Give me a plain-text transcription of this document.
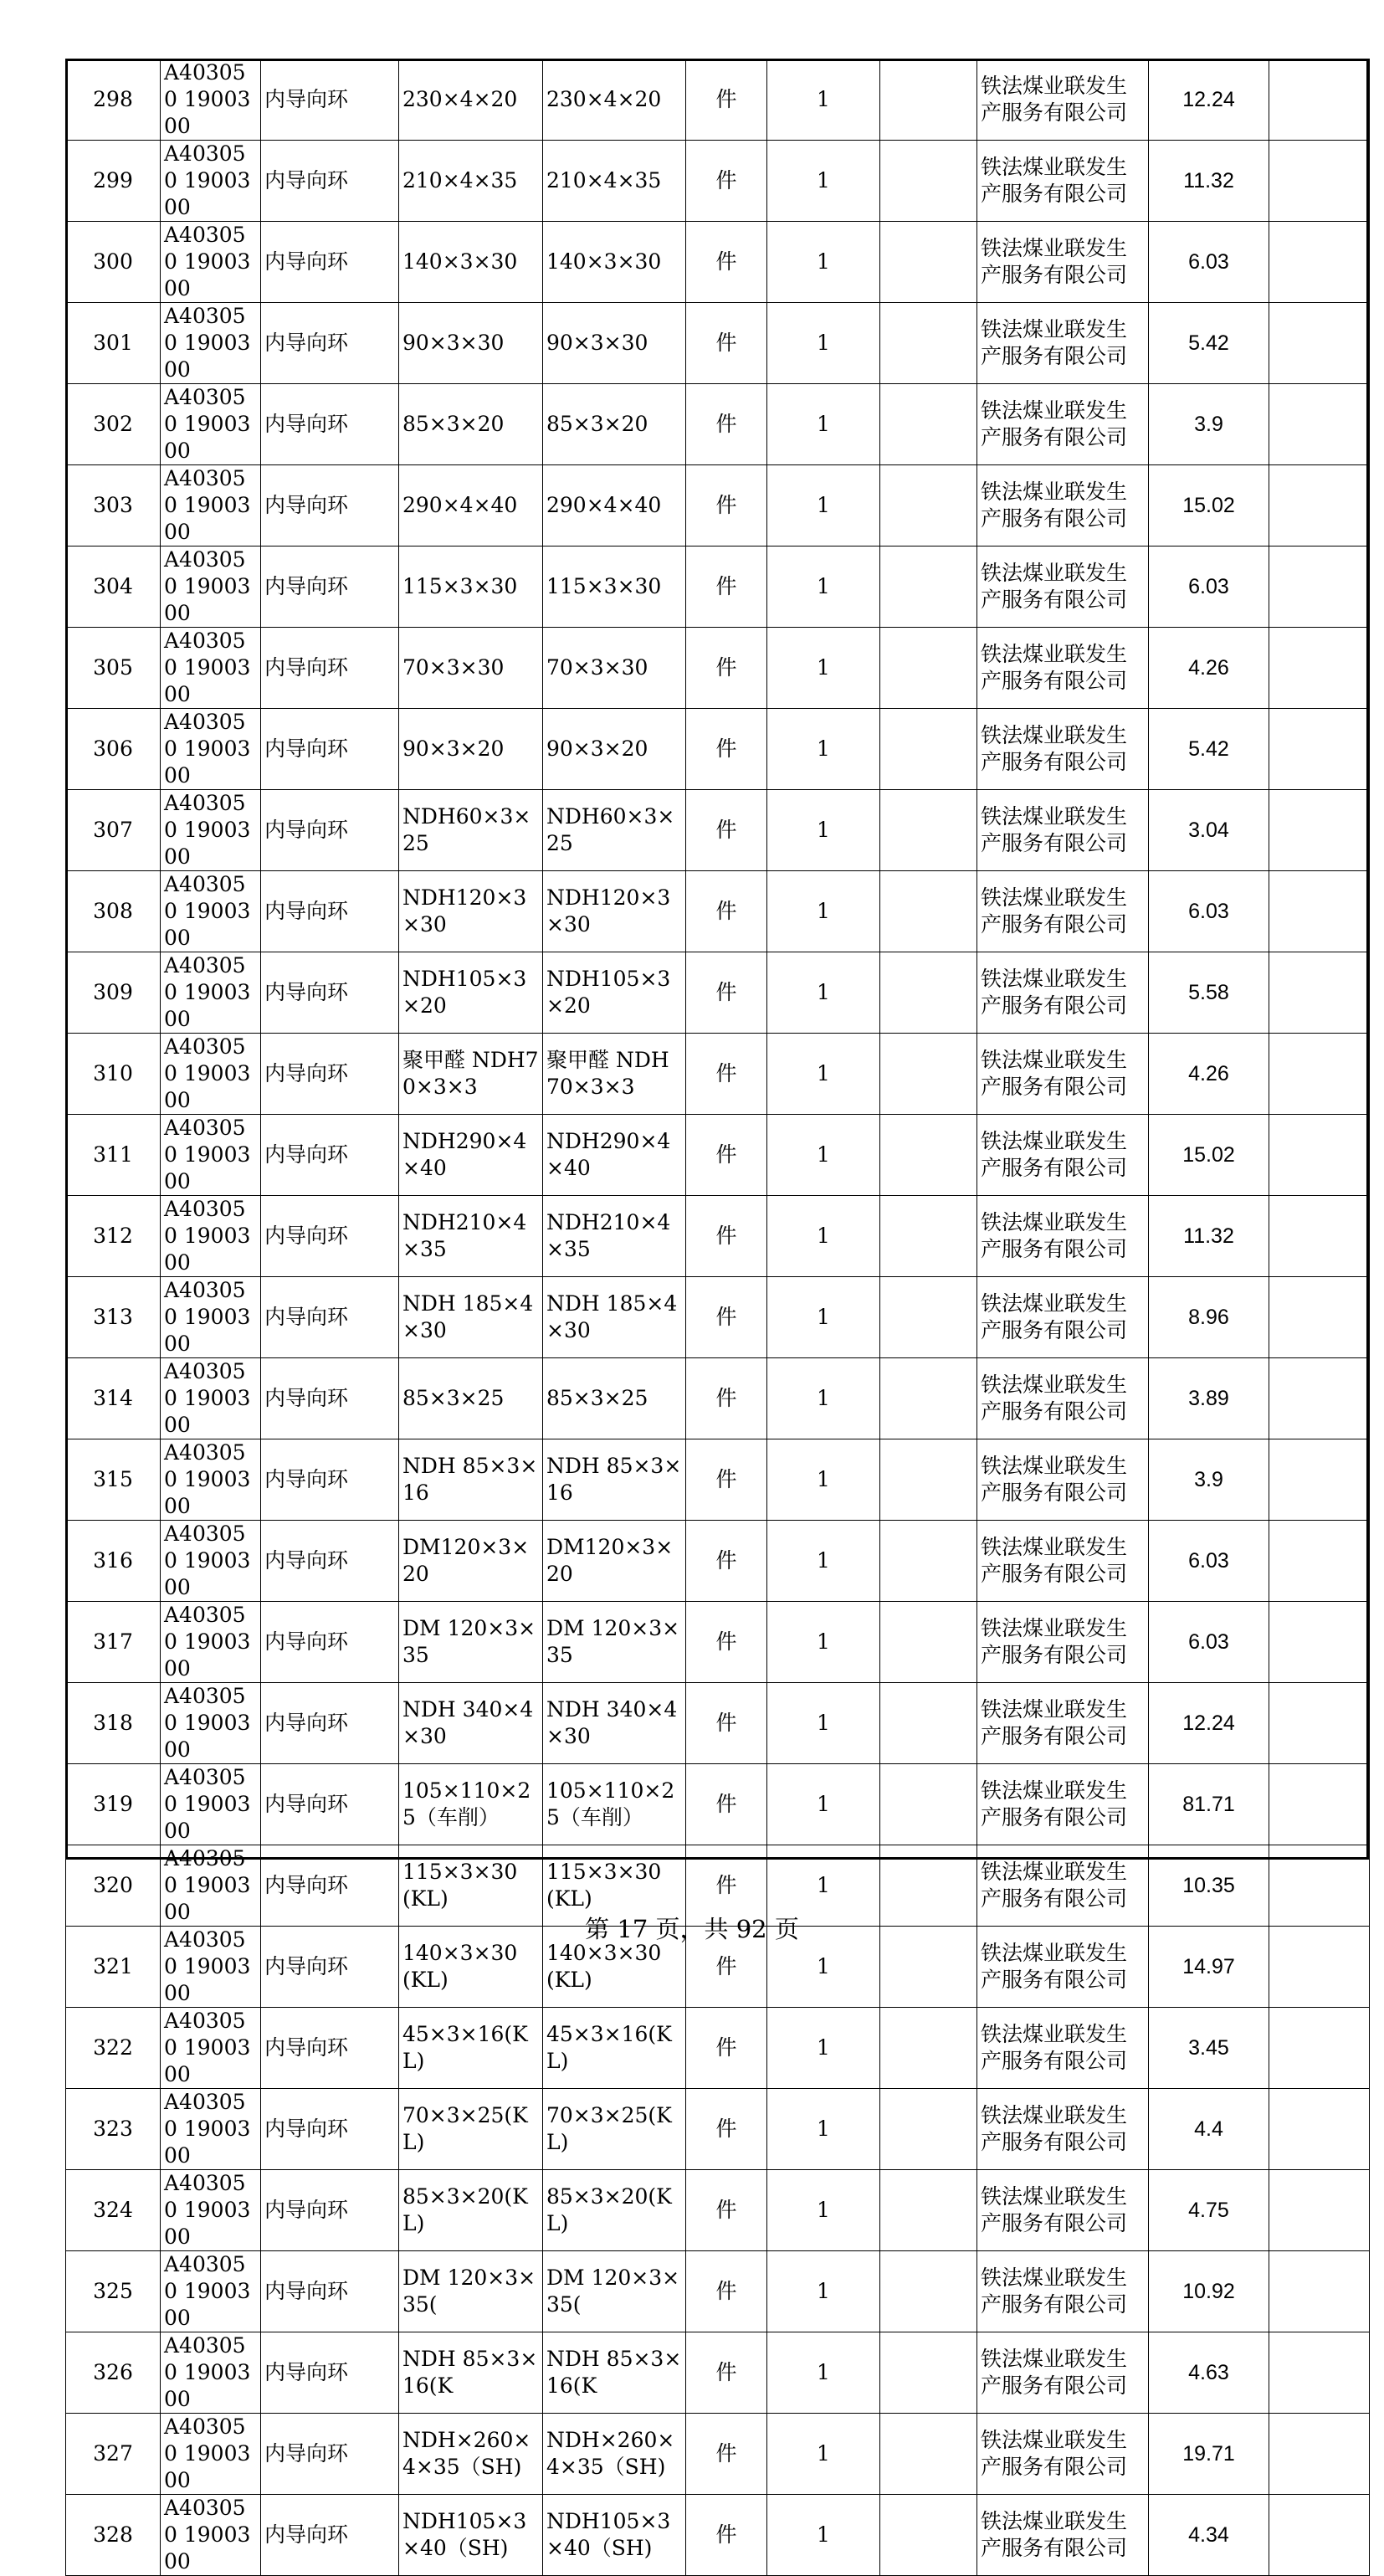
298	A403050 1900300	内导向环	230×4×20	230×4×20	件	1		铁法煤业联发生产服务有限公司	12.24	
299	A403050 1900300	内导向环	210×4×35	210×4×35	件	1		铁法煤业联发生产服务有限公司	11.32	
300	A403050 1900300	内导向环	140×3×30	140×3×30	件	1		铁法煤业联发生产服务有限公司	6.03	
301	A403050 1900300	内导向环	90×3×30	90×3×30	件	1		铁法煤业联发生产服务有限公司	5.42	
302	A403050 1900300	内导向环	85×3×20	85×3×20	件	1		铁法煤业联发生产服务有限公司	3.9	
303	A403050 1900300	内导向环	290×4×40	290×4×40	件	1		铁法煤业联发生产服务有限公司	15.02	
304	A403050 1900300	内导向环	115×3×30	115×3×30	件	1		铁法煤业联发生产服务有限公司	6.03	
305	A403050 1900300	内导向环	70×3×30	70×3×30	件	1		铁法煤业联发生产服务有限公司	4.26	
306	A403050 1900300	内导向环	90×3×20	90×3×20	件	1		铁法煤业联发生产服务有限公司	5.42	
307	A403050 1900300	内导向环	NDH60×3×25	NDH60×3×25	件	1		铁法煤业联发生产服务有限公司	3.04	
308	A403050 1900300	内导向环	NDH120×3×30	NDH120×3×30	件	1		铁法煤业联发生产服务有限公司	6.03	
309	A403050 1900300	内导向环	NDH105×3×20	NDH105×3×20	件	1		铁法煤业联发生产服务有限公司	5.58	
310	A403050 1900300	内导向环	聚甲醛 NDH70×3×3	聚甲醛 NDH70×3×3	件	1		铁法煤业联发生产服务有限公司	4.26	
311	A403050 1900300	内导向环	NDH290×4×40	NDH290×4×40	件	1		铁法煤业联发生产服务有限公司	15.02	
312	A403050 1900300	内导向环	NDH210×4×35	NDH210×4×35	件	1		铁法煤业联发生产服务有限公司	11.32	
313	A403050 1900300	内导向环	NDH 185×4×30	NDH 185×4×30	件	1		铁法煤业联发生产服务有限公司	8.96	
314	A403050 1900300	内导向环	85×3×25	85×3×25	件	1		铁法煤业联发生产服务有限公司	3.89	
315	A403050 1900300	内导向环	NDH 85×3×16	NDH 85×3×16	件	1		铁法煤业联发生产服务有限公司	3.9	
316	A403050 1900300	内导向环	DM120×3×20	DM120×3×20	件	1		铁法煤业联发生产服务有限公司	6.03	
317	A403050 1900300	内导向环	DM 120×3×35	DM 120×3×35	件	1		铁法煤业联发生产服务有限公司	6.03	
318	A403050 1900300	内导向环	NDH 340×4×30	NDH 340×4×30	件	1		铁法煤业联发生产服务有限公司	12.24	
319	A403050 1900300	内导向环	105×110×25（车削）	105×110×25（车削）	件	1		铁法煤业联发生产服务有限公司	81.71	
320	A403050 1900300	内导向环	115×3×30(KL)	115×3×30(KL)	件	1		铁法煤业联发生产服务有限公司	10.35	
321	A403050 1900300	内导向环	140×3×30(KL)	140×3×30(KL)	件	1		铁法煤业联发生产服务有限公司	14.97	
322	A403050 1900300	内导向环	45×3×16(KL)	45×3×16(KL)	件	1		铁法煤业联发生产服务有限公司	3.45	
323	A403050 1900300	内导向环	70×3×25(KL)	70×3×25(KL)	件	1		铁法煤业联发生产服务有限公司	4.4	
324	A403050 1900300	内导向环	85×3×20(KL)	85×3×20(KL)	件	1		铁法煤业联发生产服务有限公司	4.75	
325	A403050 1900300	内导向环	DM 120×3×35(	DM 120×3×35(	件	1		铁法煤业联发生产服务有限公司	10.92	
326	A403050 1900300	内导向环	NDH 85×3×16(K	NDH 85×3×16(K	件	1		铁法煤业联发生产服务有限公司	4.63	
327	A403050 1900300	内导向环	NDH×260×4×35（SH)	NDH×260×4×35（SH)	件	1		铁法煤业联发生产服务有限公司	19.71	
328	A403050 1900300	内导向环	NDH105×3×40（SH)	NDH105×3×40（SH)	件	1		铁法煤业联发生产服务有限公司	4.34	
第 17 页，共 92 页
